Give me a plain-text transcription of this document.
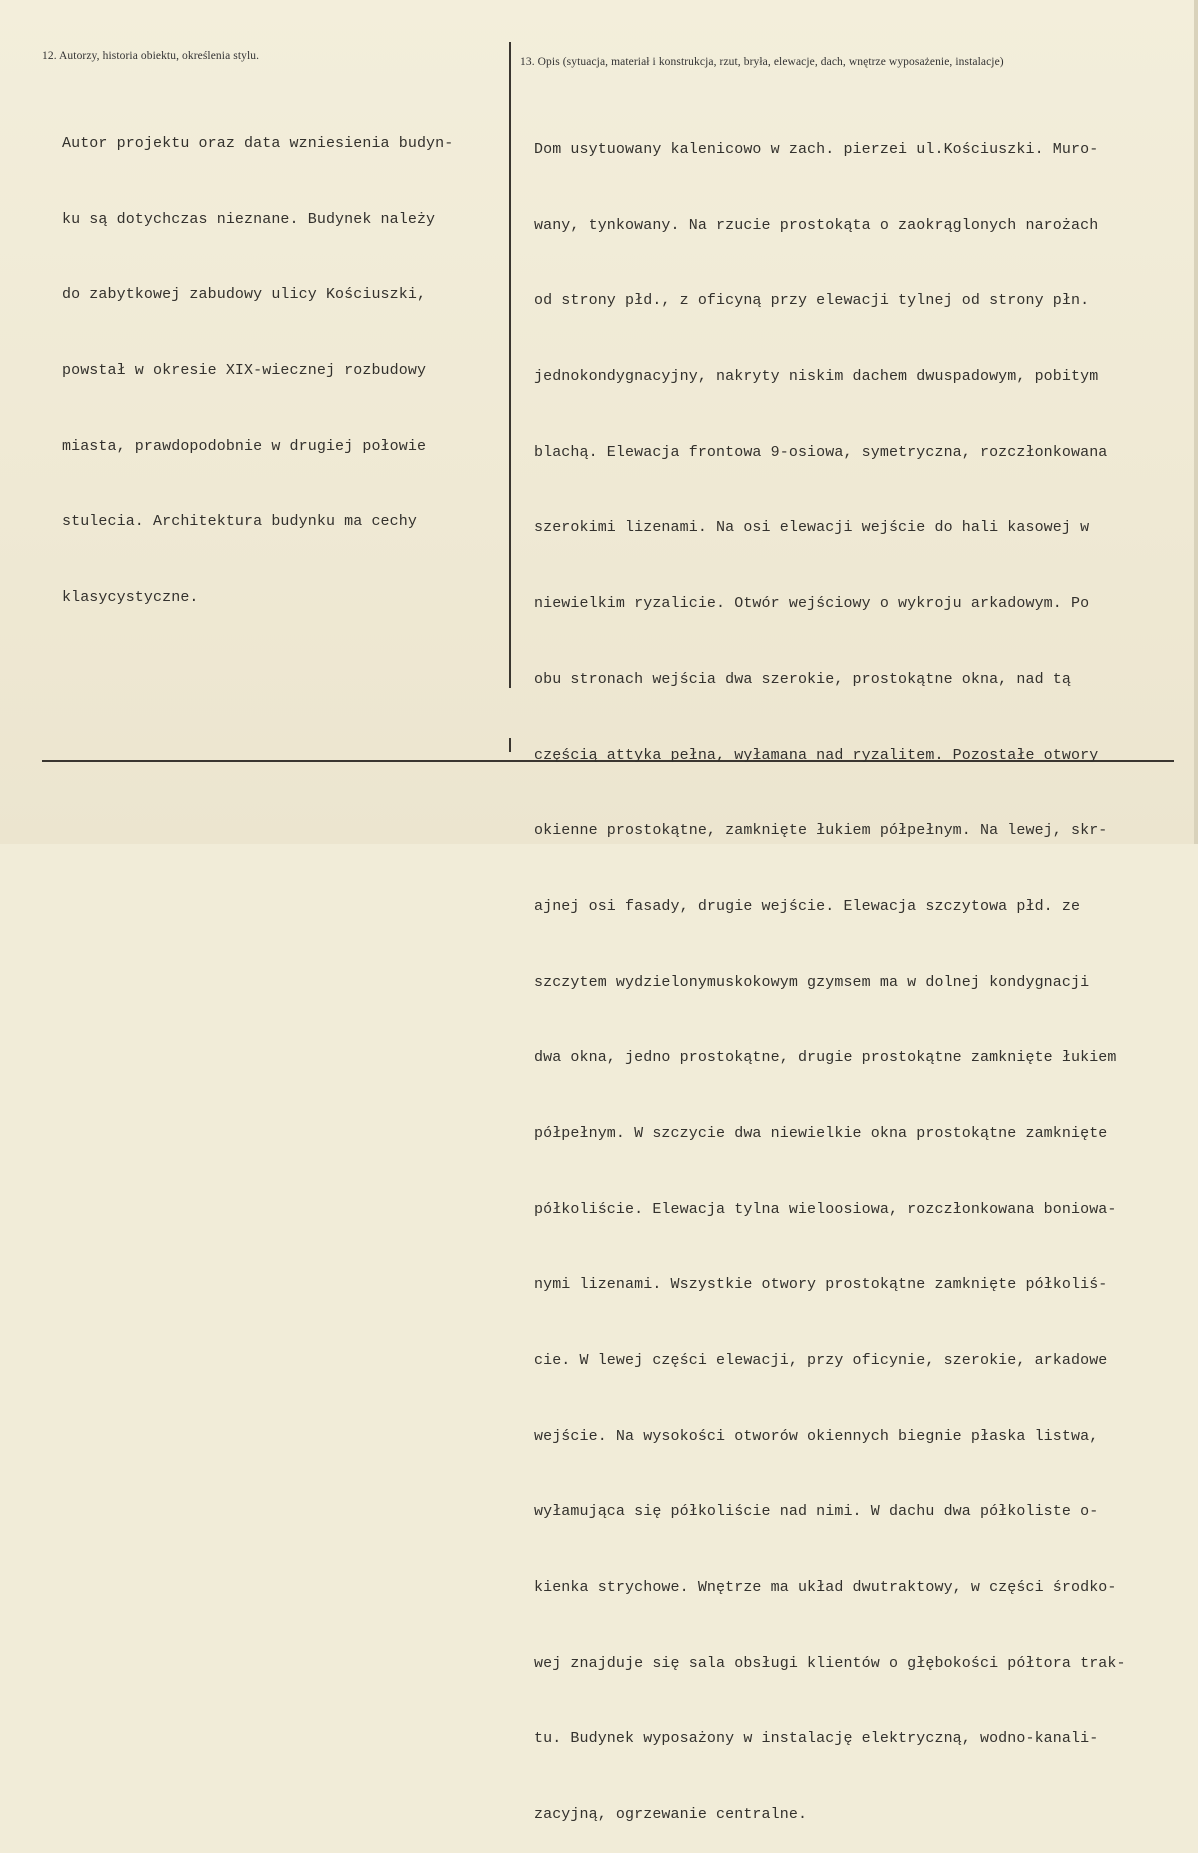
12. Autorzy, historia obiektu, określenia stylu.	13. Opis (sytuacja, materiał i konstrukcja, rzut, bryła, elewacje, dach, wnętrze wyposażenie, instalacje)

Autor projektu oraz data wzniesienia budyn-

ku są dotychczas nieznane. Budynek należy

do zabytkowej zabudowy ulicy Kościuszki,

powstał w okresie XIX-wiecznej rozbudowy

miasta, prawdopodobnie w drugiej połowie

stulecia. Architektura budynku ma cechy

klasycystyczne.

Dom usytuowany kalenicowo w zach. pierzei ul.Kościuszki. Muro-

wany, tynkowany. Na rzucie prostokąta o zaokrąglonych narożach

od strony płd., z oficyną przy elewacji tylnej od strony płn.

jednokondygnacyjny, nakryty niskim dachem dwuspadowym, pobitym

blachą. Elewacja frontowa 9-osiowa, symetryczna, rozczłonkowana

szerokimi lizenami. Na osi elewacji wejście do hali kasowej w

niewielkim ryzalicie. Otwór wejściowy o wykroju arkadowym. Po

obu stronach wejścia dwa szerokie, prostokątne okna, nad tą

częścią attyka pełna, wyłamana nad ryzalitem. Pozostałe otwory

okienne prostokątne, zamknięte łukiem półpełnym. Na lewej, skr-

ajnej osi fasady, drugie wejście. Elewacja szczytowa płd. ze

szczytem wydzielonymuskokowym gzymsem ma w dolnej kondygnacji

dwa okna, jedno prostokątne, drugie prostokątne zamknięte łukiem

półpełnym. W szczycie dwa niewielkie okna prostokątne zamknięte

półkoliście. Elewacja tylna wieloosiowa, rozczłonkowana boniowa-

nymi lizenami. Wszystkie otwory prostokątne zamknięte półkoliś-

cie. W lewej części elewacji, przy oficynie, szerokie, arkadowe

wejście. Na wysokości otworów okiennych biegnie płaska listwa,

wyłamująca się półkoliście nad nimi. W dachu dwa półkoliste o-

kienka strychowe. Wnętrze ma układ dwutraktowy, w części środko-

wej znajduje się sala obsługi klientów o głębokości półtora trak-

tu. Budynek wyposażony w instalację elektryczną, wodno-kanali-

zacyjną, ogrzewanie centralne.
